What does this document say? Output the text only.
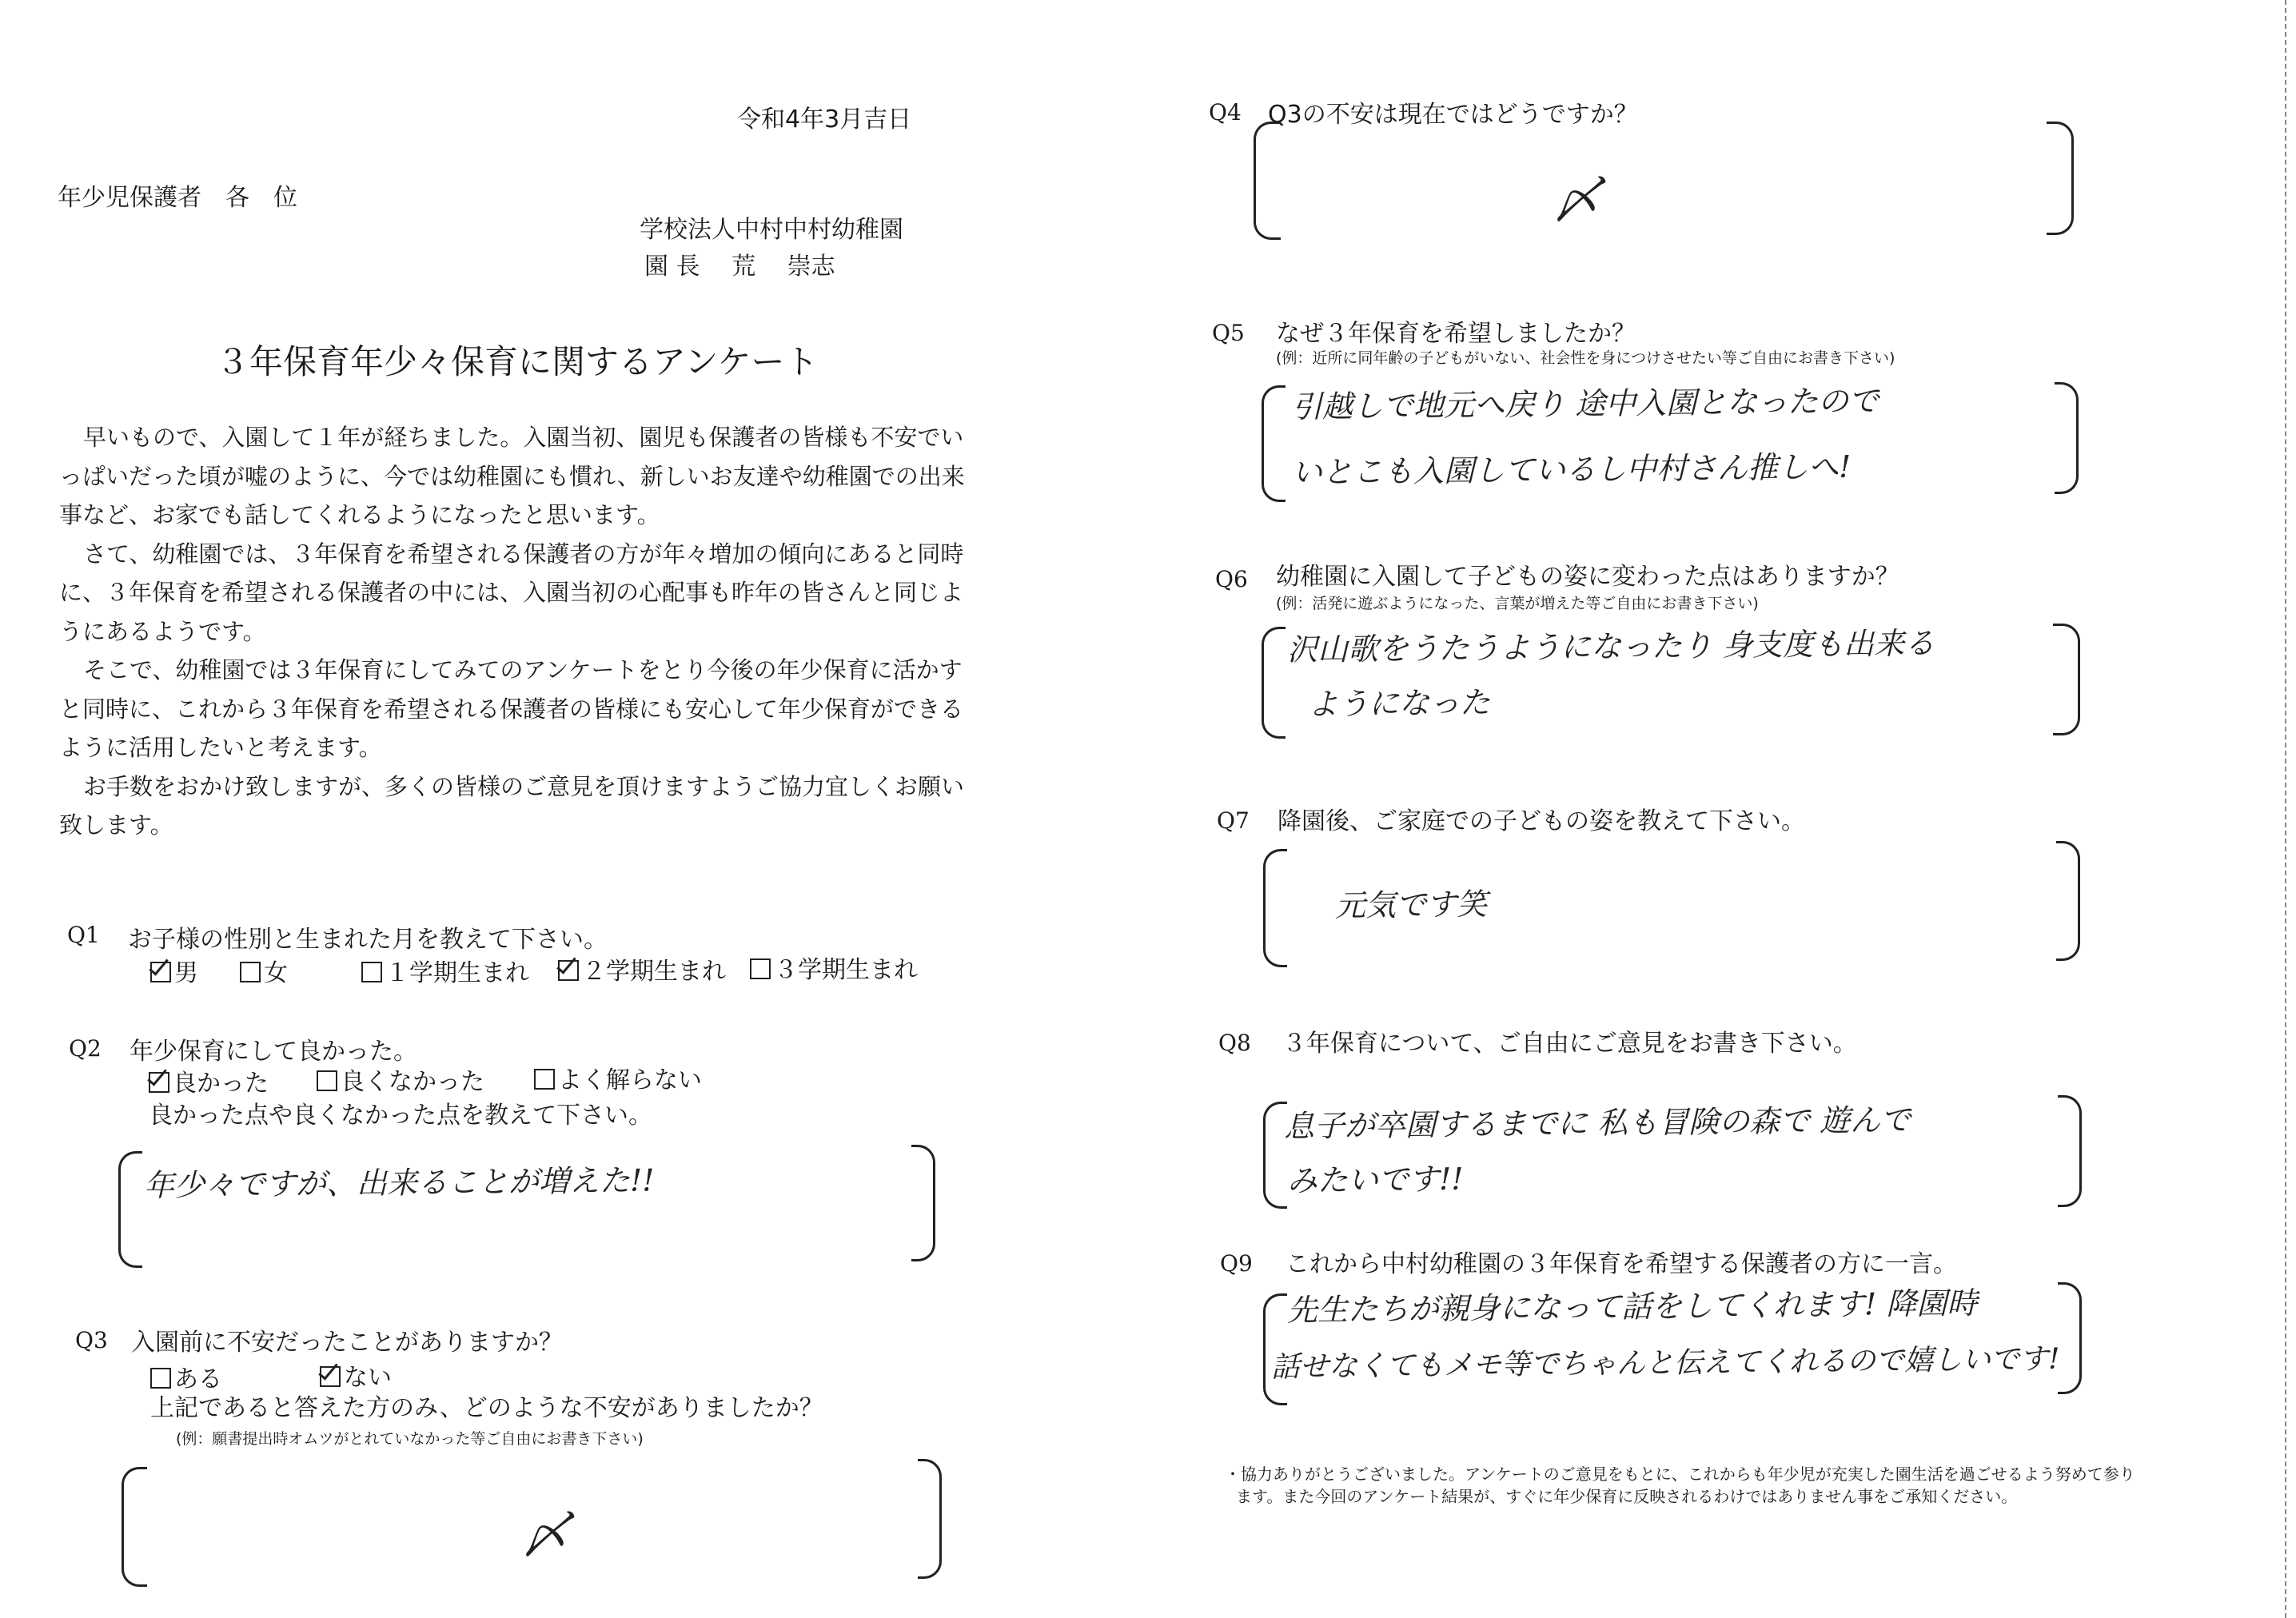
令和4年3月吉日
年少児保護者　各　位
学校法人中村中村幼稚園
園 長　 荒　 崇志
３年保育年少々保育に関するアンケート

早いもので、入園して１年が経ちました。入園当初、園児も保護者の皆様も不安でいっぱいだった頃が嘘のように、今では幼稚園にも慣れ、新しいお友達や幼稚園での出来事など、お家でも話してくれるようになったと思います。

さて、幼稚園では、３年保育を希望される保護者の方が年々増加の傾向にあると同時に、３年保育を希望される保護者の中には、入園当初の心配事も昨年の皆さんと同じようにあるようです。

そこで、幼稚園では３年保育にしてみてのアンケートをとり今後の年少保育に活かすと同時に、これから３年保育を希望される保護者の皆様にも安心して年少保育ができるように活用したいと考えます。

お手数をおかけ致しますが、多くの皆様のご意見を頂けますようご協力宜しくお願い致します。

Q1 お子様の性別と生まれた月を教えて下さい。
男	女	１学期生まれ	２学期生まれ	３学期生まれ
Q2 年少保育にして良かった。
良かった	良くなかった	よく解らない
良かった点や良くなかった点を教えて下さい。
年少々ですが、出来ることが増えた!!
Q3 入園前に不安だったことがありますか？
ある	ない
上記であると答えた方のみ、どのような不安がありましたか？
(例：願書提出時オムツがとれていなかった等ご自由にお書き下さい)
〆
Q4 Q3の不安は現在ではどうですか？
〆
Q5 なぜ３年保育を希望しましたか？
(例：近所に同年齢の子どもがいない、社会性を身につけさせたい等ご自由にお書き下さい)
引越しで地元へ戻り 途中入園となったので
いとこも入園しているし中村さん推しへ!
Q6 幼稚園に入園して子どもの姿に変わった点はありますか？
(例：活発に遊ぶようになった、言葉が増えた等ご自由にお書き下さい)
沢山歌をうたうようになったり 身支度も出来る
ようになった
Q7 降園後、ご家庭での子どもの姿を教えて下さい。
元気です笑
Q8 ３年保育について、ご自由にご意見をお書き下さい。
息子が卒園するまでに 私も冒険の森で 遊んで
みたいです!!
Q9 これから中村幼稚園の３年保育を希望する保護者の方に一言。
先生たちが親身になって話をしてくれます! 降園時
話せなくてもメモ等でちゃんと伝えてくれるので嬉しいです!
・協力ありがとうございました。アンケートのご意見をもとに、これからも年少児が充実した園生活を過ごせるよう努めて参り
ます。また今回のアンケート結果が、すぐに年少保育に反映されるわけではありません事をご承知ください。
